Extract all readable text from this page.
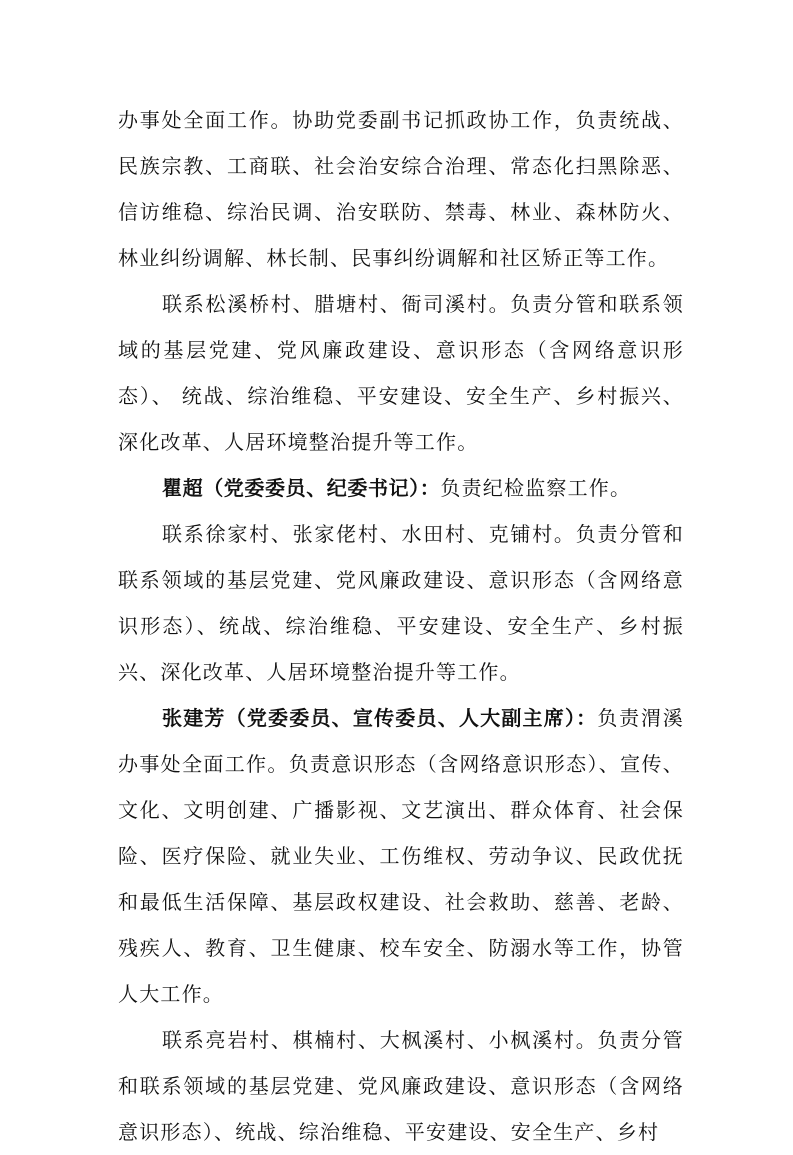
办事处全面工作。协助党委副书记抓政协工作，负责统战、民族宗教、工商联、社会治安综合治理、常态化扫黑除恶、信访维稳、综治民调、治安联防、禁毒、林业、森林防火、林业纠纷调解、林长制、民事纠纷调解和社区矫正等工作。

联系松溪桥村、腊塘村、衙司溪村。负责分管和联系领域的基层党建、党风廉政建设、意识形态（含网络意识形态）、 统战、综治维稳、平安建设、安全生产、乡村振兴、深化改革、人居环境整治提升等工作。

瞿超（党委委员、纪委书记）：负责纪检监察工作。

联系徐家村、张家佬村、水田村、克铺村。负责分管和联系领域的基层党建、党风廉政建设、意识形态（含网络意识形态）、统战、综治维稳、平安建设、安全生产、乡村振兴、深化改革、人居环境整治提升等工作。

张建芳（党委委员、宣传委员、人大副主席）：负责渭溪办事处全面工作。负责意识形态（含网络意识形态）、宣传、文化、文明创建、广播影视、文艺演出、群众体育、社会保险、医疗保险、就业失业、工伤维权、劳动争议、民政优抚和最低生活保障、基层政权建设、社会救助、慈善、老龄、残疾人、教育、卫生健康、校车安全、防溺水等工作，协管人大工作。

联系亮岩村、棋楠村、大枫溪村、小枫溪村。负责分管和联系领域的基层党建、党风廉政建设、意识形态（含网络意识形态）、统战、综治维稳、平安建设、安全生产、乡村
